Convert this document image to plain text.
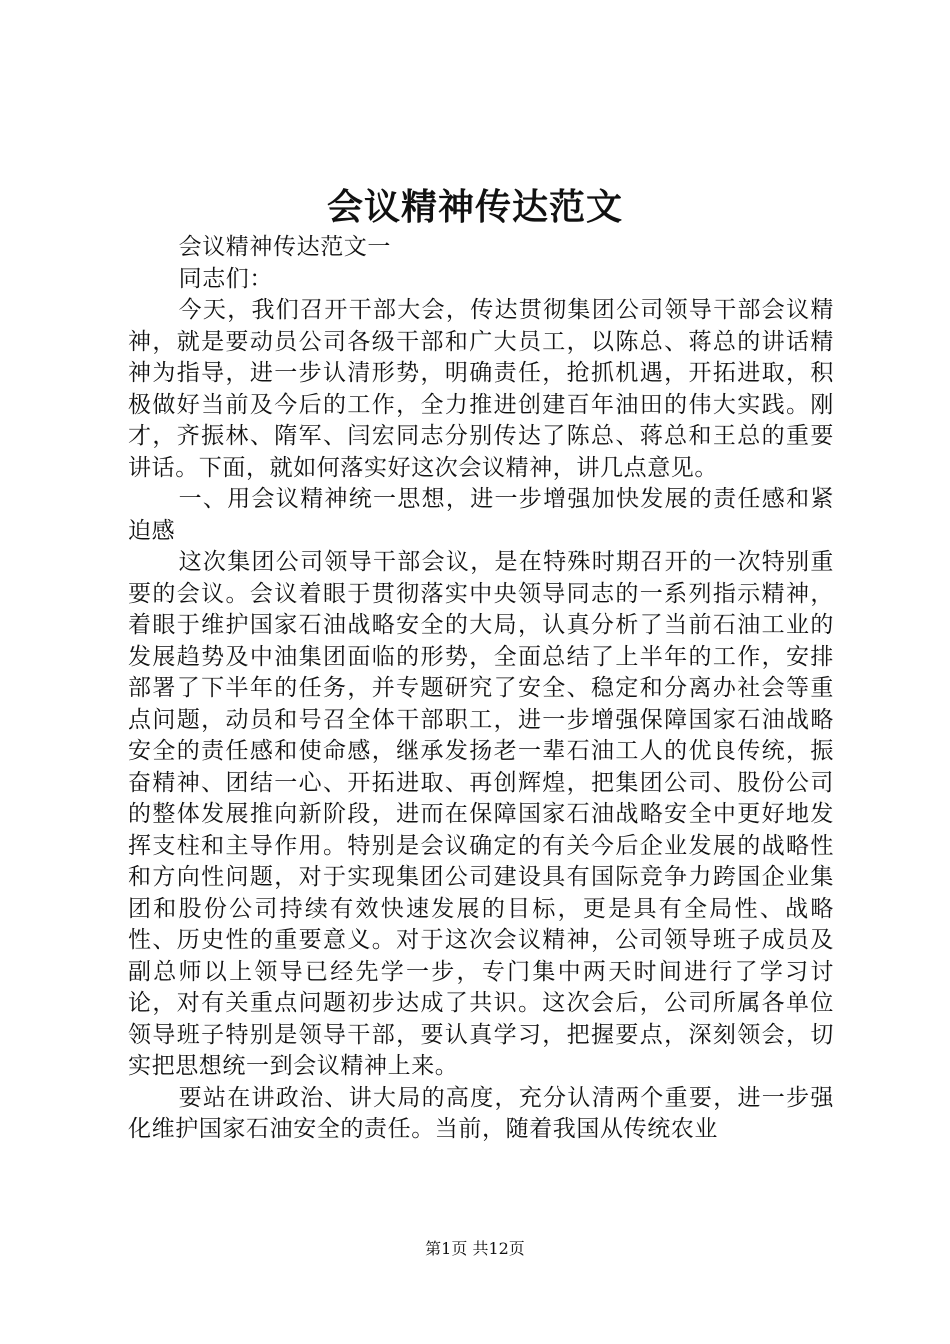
会议精神传达范文

会议精神传达范文一

同志们：

今天，我们召开干部大会，传达贯彻集团公司领导干部会议精神，就是要动员公司各级干部和广大员工，以陈总、蒋总的讲话精神为指导，进一步认清形势，明确责任，抢抓机遇，开拓进取，积极做好当前及今后的工作，全力推进创建百年油田的伟大实践。刚才，齐振林、隋军、闫宏同志分别传达了陈总、蒋总和王总的重要讲话。下面，就如何落实好这次会议精神，讲几点意见。

一、用会议精神统一思想，进一步增强加快发展的责任感和紧迫感

这次集团公司领导干部会议，是在特殊时期召开的一次特别重要的会议。会议着眼于贯彻落实中央领导同志的一系列指示精神，着眼于维护国家石油战略安全的大局，认真分析了当前石油工业的发展趋势及中油集团面临的形势，全面总结了上半年的工作，安排部署了下半年的任务，并专题研究了安全、稳定和分离办社会等重点问题，动员和号召全体干部职工，进一步增强保障国家石油战略安全的责任感和使命感，继承发扬老一辈石油工人的优良传统，振奋精神、团结一心、开拓进取、再创辉煌，把集团公司、股份公司的整体发展推向新阶段，进而在保障国家石油战略安全中更好地发挥支柱和主导作用。特别是会议确定的有关今后企业发展的战略性和方向性问题，对于实现集团公司建设具有国际竞争力跨国企业集团和股份公司持续有效快速发展的目标，更是具有全局性、战略性、历史性的重要意义。对于这次会议精神，公司领导班子成员及副总师以上领导已经先学一步，专门集中两天时间进行了学习讨论，对有关重点问题初步达成了共识。这次会后，公司所属各单位领导班子特别是领导干部，要认真学习，把握要点，深刻领会，切实把思想统一到会议精神上来。

要站在讲政治、讲大局的高度，充分认清两个重要，进一步强化维护国家石油安全的责任。当前，随着我国从传统农业

第1页 共12页
